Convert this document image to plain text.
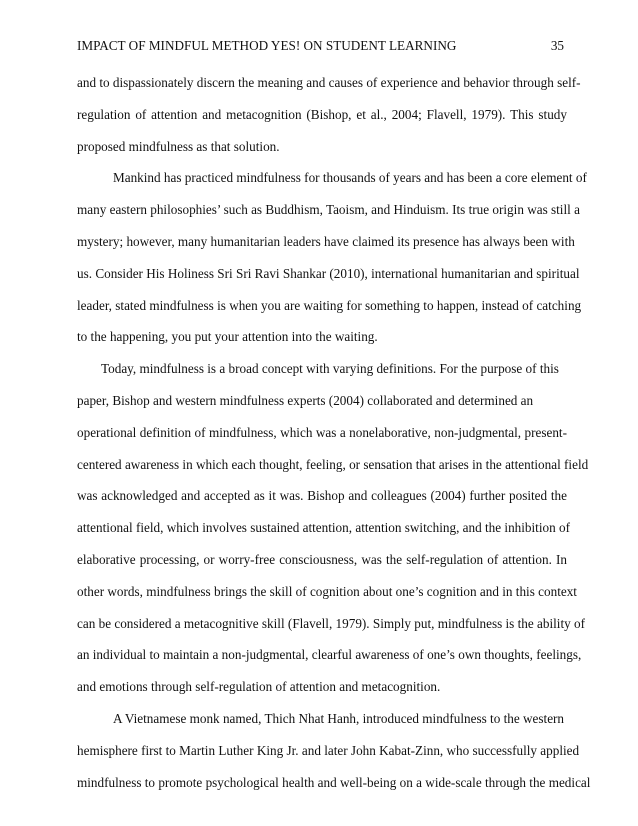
IMPACT OF MINDFUL METHOD YES! ON STUDENT LEARNING	35
and to dispassionately discern the meaning and causes of experience and behavior through self-
regulation of attention and metacognition (Bishop, et al., 2004; Flavell, 1979). This study
proposed mindfulness as that solution.
Mankind has practiced mindfulness for thousands of years and has been a core element of
many eastern philosophies’ such as Buddhism, Taoism, and Hinduism. Its true origin was still a
mystery; however, many humanitarian leaders have claimed its presence has always been with
us. Consider His Holiness Sri Sri Ravi Shankar (2010), international humanitarian and spiritual
leader, stated mindfulness is when you are waiting for something to happen, instead of catching
to the happening, you put your attention into the waiting.
Today, mindfulness is a broad concept with varying definitions. For the purpose of this
paper, Bishop and western mindfulness experts (2004) collaborated and determined an
operational definition of mindfulness, which was a nonelaborative, non-judgmental, present-
centered awareness in which each thought, feeling, or sensation that arises in the attentional field
was acknowledged and accepted as it was. Bishop and colleagues (2004) further posited the
attentional field, which involves sustained attention, attention switching, and the inhibition of
elaborative processing, or worry-free consciousness, was the self-regulation of attention. In
other words, mindfulness brings the skill of cognition about one’s cognition and in this context
can be considered a metacognitive skill (Flavell, 1979). Simply put, mindfulness is the ability of
an individual to maintain a non-judgmental, clearful awareness of one’s own thoughts, feelings,
and emotions through self-regulation of attention and metacognition.
A Vietnamese monk named, Thich Nhat Hanh, introduced mindfulness to the western
hemisphere first to Martin Luther King Jr. and later John Kabat-Zinn, who successfully applied
mindfulness to promote psychological health and well-being on a wide-scale through the medical
